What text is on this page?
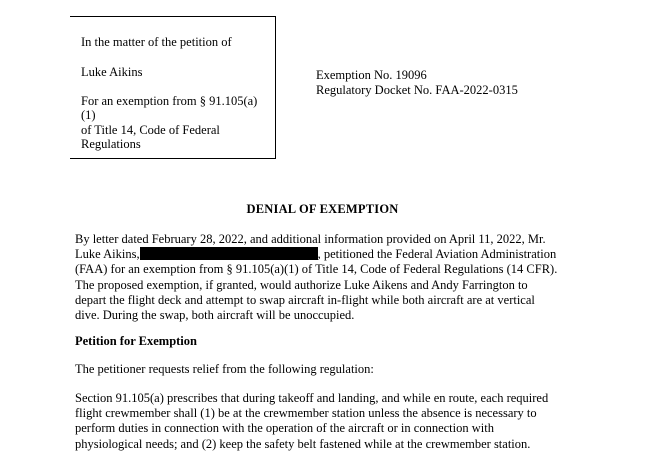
In the matter of the petition of
Luke Aikins
For an exemption from § 91.105(a)
(1)
of Title 14, Code of Federal
Regulations
Exemption No. 19096
Regulatory Docket No. FAA-2022-0315
DENIAL OF EXEMPTION
By letter dated February 28, 2022, and additional information provided on April 11, 2022, Mr.
Luke Aikins,	, petitioned the Federal Aviation Administration
(FAA) for an exemption from § 91.105(a)(1) of Title 14, Code of Federal Regulations (14 CFR).
The proposed exemption, if granted, would authorize Luke Aikens and Andy Farrington to
depart the flight deck and attempt to swap aircraft in-flight while both aircraft are at vertical
dive. During the swap, both aircraft will be unoccupied.
Petition for Exemption
The petitioner requests relief from the following regulation:
Section 91.105(a) prescribes that during takeoff and landing, and while en route, each required
flight crewmember shall (1) be at the crewmember station unless the absence is necessary to
perform duties in connection with the operation of the aircraft or in connection with
physiological needs; and (2) keep the safety belt fastened while at the crewmember station.
